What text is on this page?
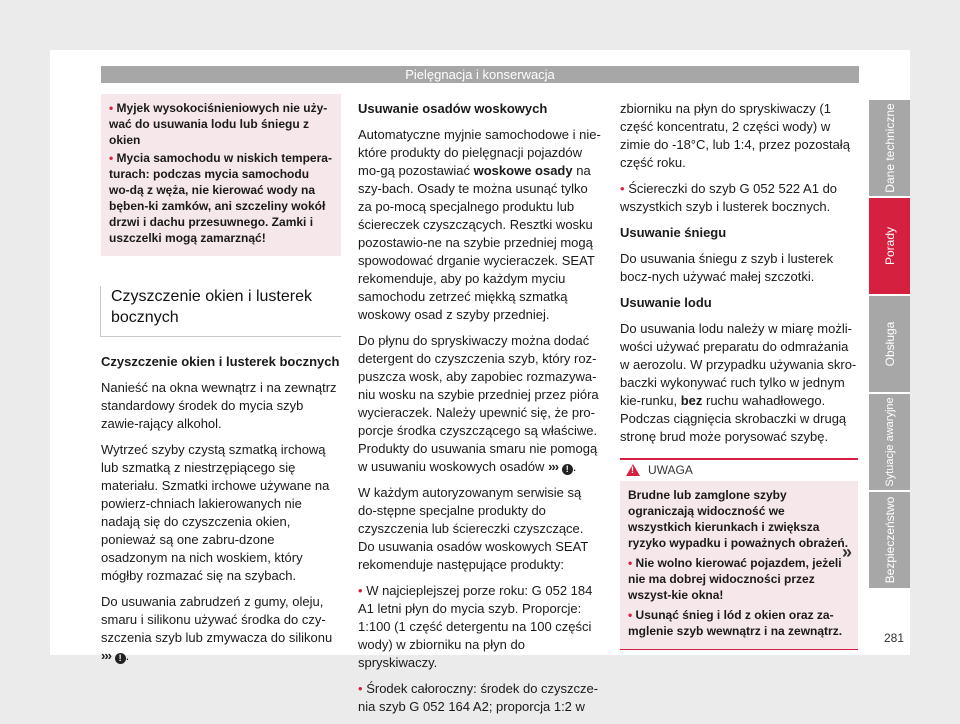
Pielęgnacja i konserwacja

• Myjek wysokociśnieniowych nie uży-wać do usuwania lodu lub śniegu z okien

• Mycia samochodu w niskich tempera-turach: podczas mycia samochodu wo-dą z węża, nie kierować wody na bęben-ki zamków, ani szczeliny wokół drzwi i dachu przesuwnego. Zamki i uszczelki mogą zamarznąć!

Czyszczenie okien i lusterek bocznych

Czyszczenie okien i lusterek bocznych

Nanieść na okna wewnątrz i na zewnątrz standardowy środek do mycia szyb zawie-rający alkohol.

Wytrzeć szyby czystą szmatką irchową lub szmatką z niestrzępiącego się materiału. Szmatki irchowe używane na powierz-chniach lakierowanych nie nadają się do czyszczenia okien, ponieważ są one zabru-dzone osadzonym na nich woskiem, który mógłby rozmazać się na szybach.

Do usuwania zabrudzeń z gumy, oleju, smaru i silikonu używać środka do czy-szczenia szyb lub zmywacza do silikonu
››› ! .

Usuwanie osadów woskowych

Automatyczne myjnie samochodowe i nie-które produkty do pielęgnacji pojazdów mo-gą pozostawiać woskowe osady na szy-bach. Osady te można usunąć tylko za po-mocą specjalnego produktu lub ściereczek czyszczących. Resztki wosku pozostawio-ne na szybie przedniej mogą spowodować drganie wycieraczek. SEAT rekomenduje, aby po każdym myciu samochodu zetrzeć miękką szmatką woskowy osad z szyby przedniej.

Do płynu do spryskiwaczy można dodać detergent do czyszczenia szyb, który roz-puszcza wosk, aby zapobiec rozmazywa-niu wosku na szybie przedniej przez pióra wycieraczek. Należy upewnić się, że pro-porcje środka czyszczącego są właściwe. Produkty do usuwania smaru nie pomogą w usuwaniu woskowych osadów ››› ! .

W każdym autoryzowanym serwisie są do-stępne specjalne produkty do czyszczenia lub ściereczki czyszczące. Do usuwania osadów woskowych SEAT rekomenduje następujące produkty:

• W najcieplejszej porze roku: G 052 184 A1 letni płyn do mycia szyb. Proporcje: 1:100 (1 część detergentu na 100 części wody) w zbiorniku na płyn do spryskiwaczy.

• Środek całoroczny: środek do czyszcze-nia szyb G 052 164 A2; proporcja 1:2 w

zbiorniku na płyn do spryskiwaczy (1 część koncentratu, 2 części wody) w zimie do -18°C, lub 1:4, przez pozostałą część roku.

• Ściereczki do szyb G 052 522 A1 do wszystkich szyb i lusterek bocznych.

Usuwanie śniegu

Do usuwania śniegu z szyb i lusterek bocz-nych używać małej szczotki.

Usuwanie lodu

Do usuwania lodu należy w miarę możli-wości używać preparatu do odmrażania w aerozolu. W przypadku używania skro-baczki wykonywać ruch tylko w jednym kie-runku, bez ruchu wahadłowego. Podczas ciągnięcia skrobaczki w drugą stronę brud może porysować szybę.

!UWAGA

Brudne lub zamglone szyby ograniczają widoczność we wszystkich kierunkach i zwiększa ryzyko wypadku i poważnych obrażeń.

• Nie wolno kierować pojazdem, jeżeli nie ma dobrej widoczności przez wszyst-kie okna!

• Usunąć śnieg i lód z okien oraz za-mglenie szyb wewnątrz i na zewnątrz.

»
Dane techniczne
Porady
Obsługa
Sytuacje awaryjne
Bezpieczeństwo
281
